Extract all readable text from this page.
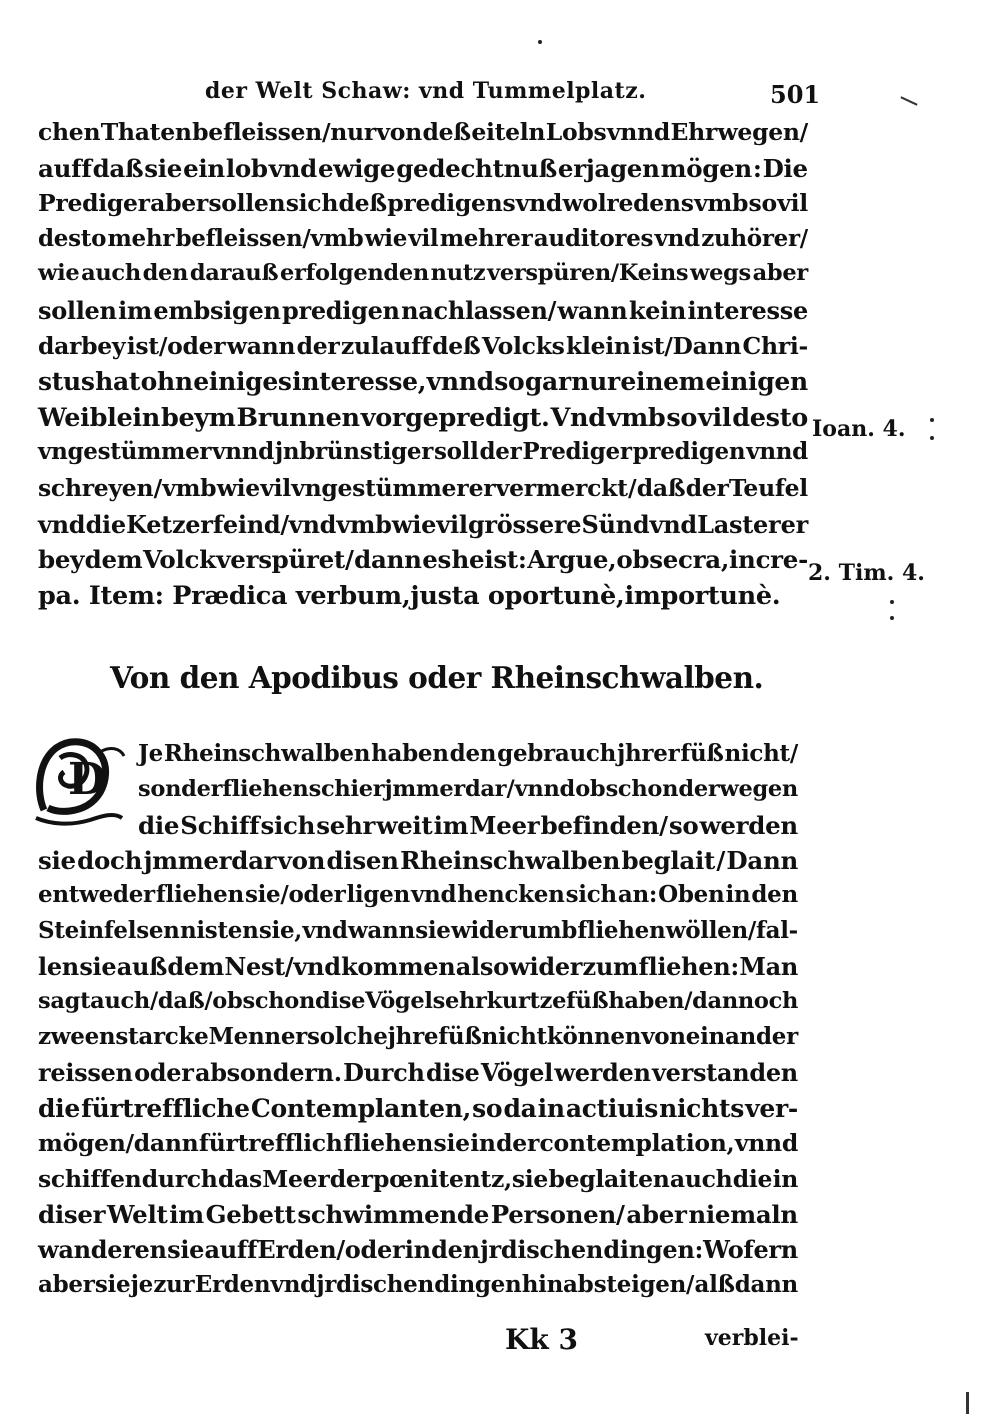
der Welt Schaw: vnd Tummelplatz.	501
chen Thaten befleissen/nur von deß eiteln Lobs vnnd Ehr wegen/
auff daß sie ein lob vnd ewige gedechtnuß erjagen mögen : Die
Prediger aber sollen sich deß predigens vnd wolredens vmb so vil
desto mehr befleissen/vmb wie vil mehrer auditores vnd zuhörer/
wie auch den darauß erfolgenden nutz verspüren/Keins wegs aber
sollen im embsigen predigen nachlassen/ wann kein interesse
darbey ist/oder wann der zulauff deß Volcks klein ist/Dann Chri-
stus hat ohn einiges interesse, vnnd so gar nur einem einigen
Weiblein beym Brunnen vorgepredigt. Vnd vmb so vil desto
vngestümmer vnnd jnbrünstiger soll der Prediger predigen vnnd
schreyen / vmb wie vil vngestümmer er vermerckt / daß der Teufel
vnd die Ketzer feind/vnd vmb wie vil grössere Sünd vnd Laster er
bey dem Volck verspüret/ dann es heist: Argue,obsecra,incre-
pa. Item: Prædica verbum,justa oportunè,importunè.
Ioan. 4.
2. Tim. 4.
Von den Apodibus oder Rheinschwalben.
D
Je Rheinschwalben haben den gebrauch jhrer füß nicht/
sonder fliehen schier jmmerdar / vnnd ob schon derwegen
die Schiff sich sehr weit im Meer befinden/ so werden
sie doch jmmerdar von disen Rheinschwalben beglait / Dann
entweder fliehen sie/oder ligen vnd hencken sich an: Oben in den
Steinfelsen nisten sie, vnd wann sie widerumb fliehen wöllen/fal-
len sie auß dem Nest/vnd kommen also wider zum fliehen: Man
sagt auch/daß/ob schon dise Vögel sehr kurtze füß haben/dannoch
zween starcke Menner solche jhre füß nicht können von einander
reissen oder absondern. Durch dise Vögel werden verstanden
die fürtreffliche Contemplanten, so da in actiuis nichts ver-
mögen/dann fürtrefflich fliehen sie in der contemplation, vnnd
schiffen durch das Meer der pœnitentz,sie beglaiten auch die in
diser Welt im Gebett schwimmende Personen/ aber niemaln
wanderen sie auff Erden/oder in den jrdischen dingen:Wofern
aber sie je zur Erden vnd jrdischen dingen hinab steigen/ alßdann
Kk 3	verblei-
